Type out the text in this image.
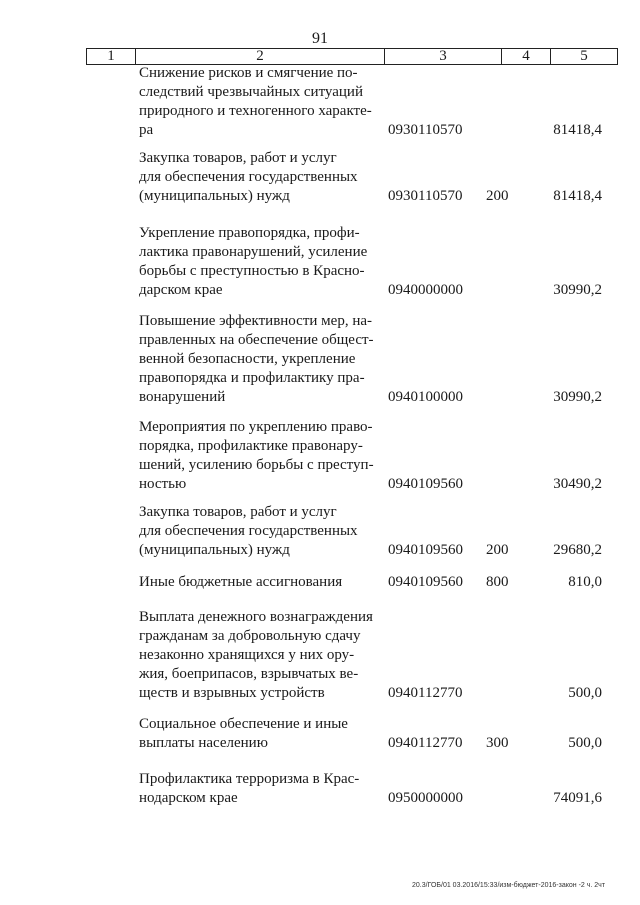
91
1	2	3	4	5
Снижение рисков и смягчение по-
следствий чрезвычайных ситуаций
природного и техногенного характе-
ра	0930110570	81418,4
Закупка товаров, работ и услуг
для обеспечения государственных
(муниципальных) нужд	0930110570 200	81418,4
Укрепление правопорядка, профи-
лактика правонарушений, усиление
борьбы с преступностью в Красно-
дарском крае	0940000000	30990,2
Повышение эффективности мер, на-
правленных на обеспечение общест-
венной безопасности, укрепление
правопорядка и профилактику пра-
вонарушений	0940100000	30990,2
Мероприятия по укреплению право-
порядка, профилактике правонару-
шений, усилению борьбы с преступ-
ностью	0940109560	30490,2
Закупка товаров, работ и услуг
для обеспечения государственных
(муниципальных) нужд	0940109560 200	29680,2
Иные бюджетные ассигнования	0940109560 800	810,0
Выплата денежного вознаграждения
гражданам за добровольную сдачу
незаконно хранящихся у них ору-
жия, боеприпасов, взрывчатых ве-
ществ и взрывных устройств	0940112770	500,0
Социальное обеспечение и иные
выплаты населению	0940112770 300	500,0
Профилактика терроризма в Крас-
нодарском крае	0950000000	74091,6
20.3/ГОБ/01 03.2016/15:33/изм-бюджет-2016-закон -2 ч. 2чт
